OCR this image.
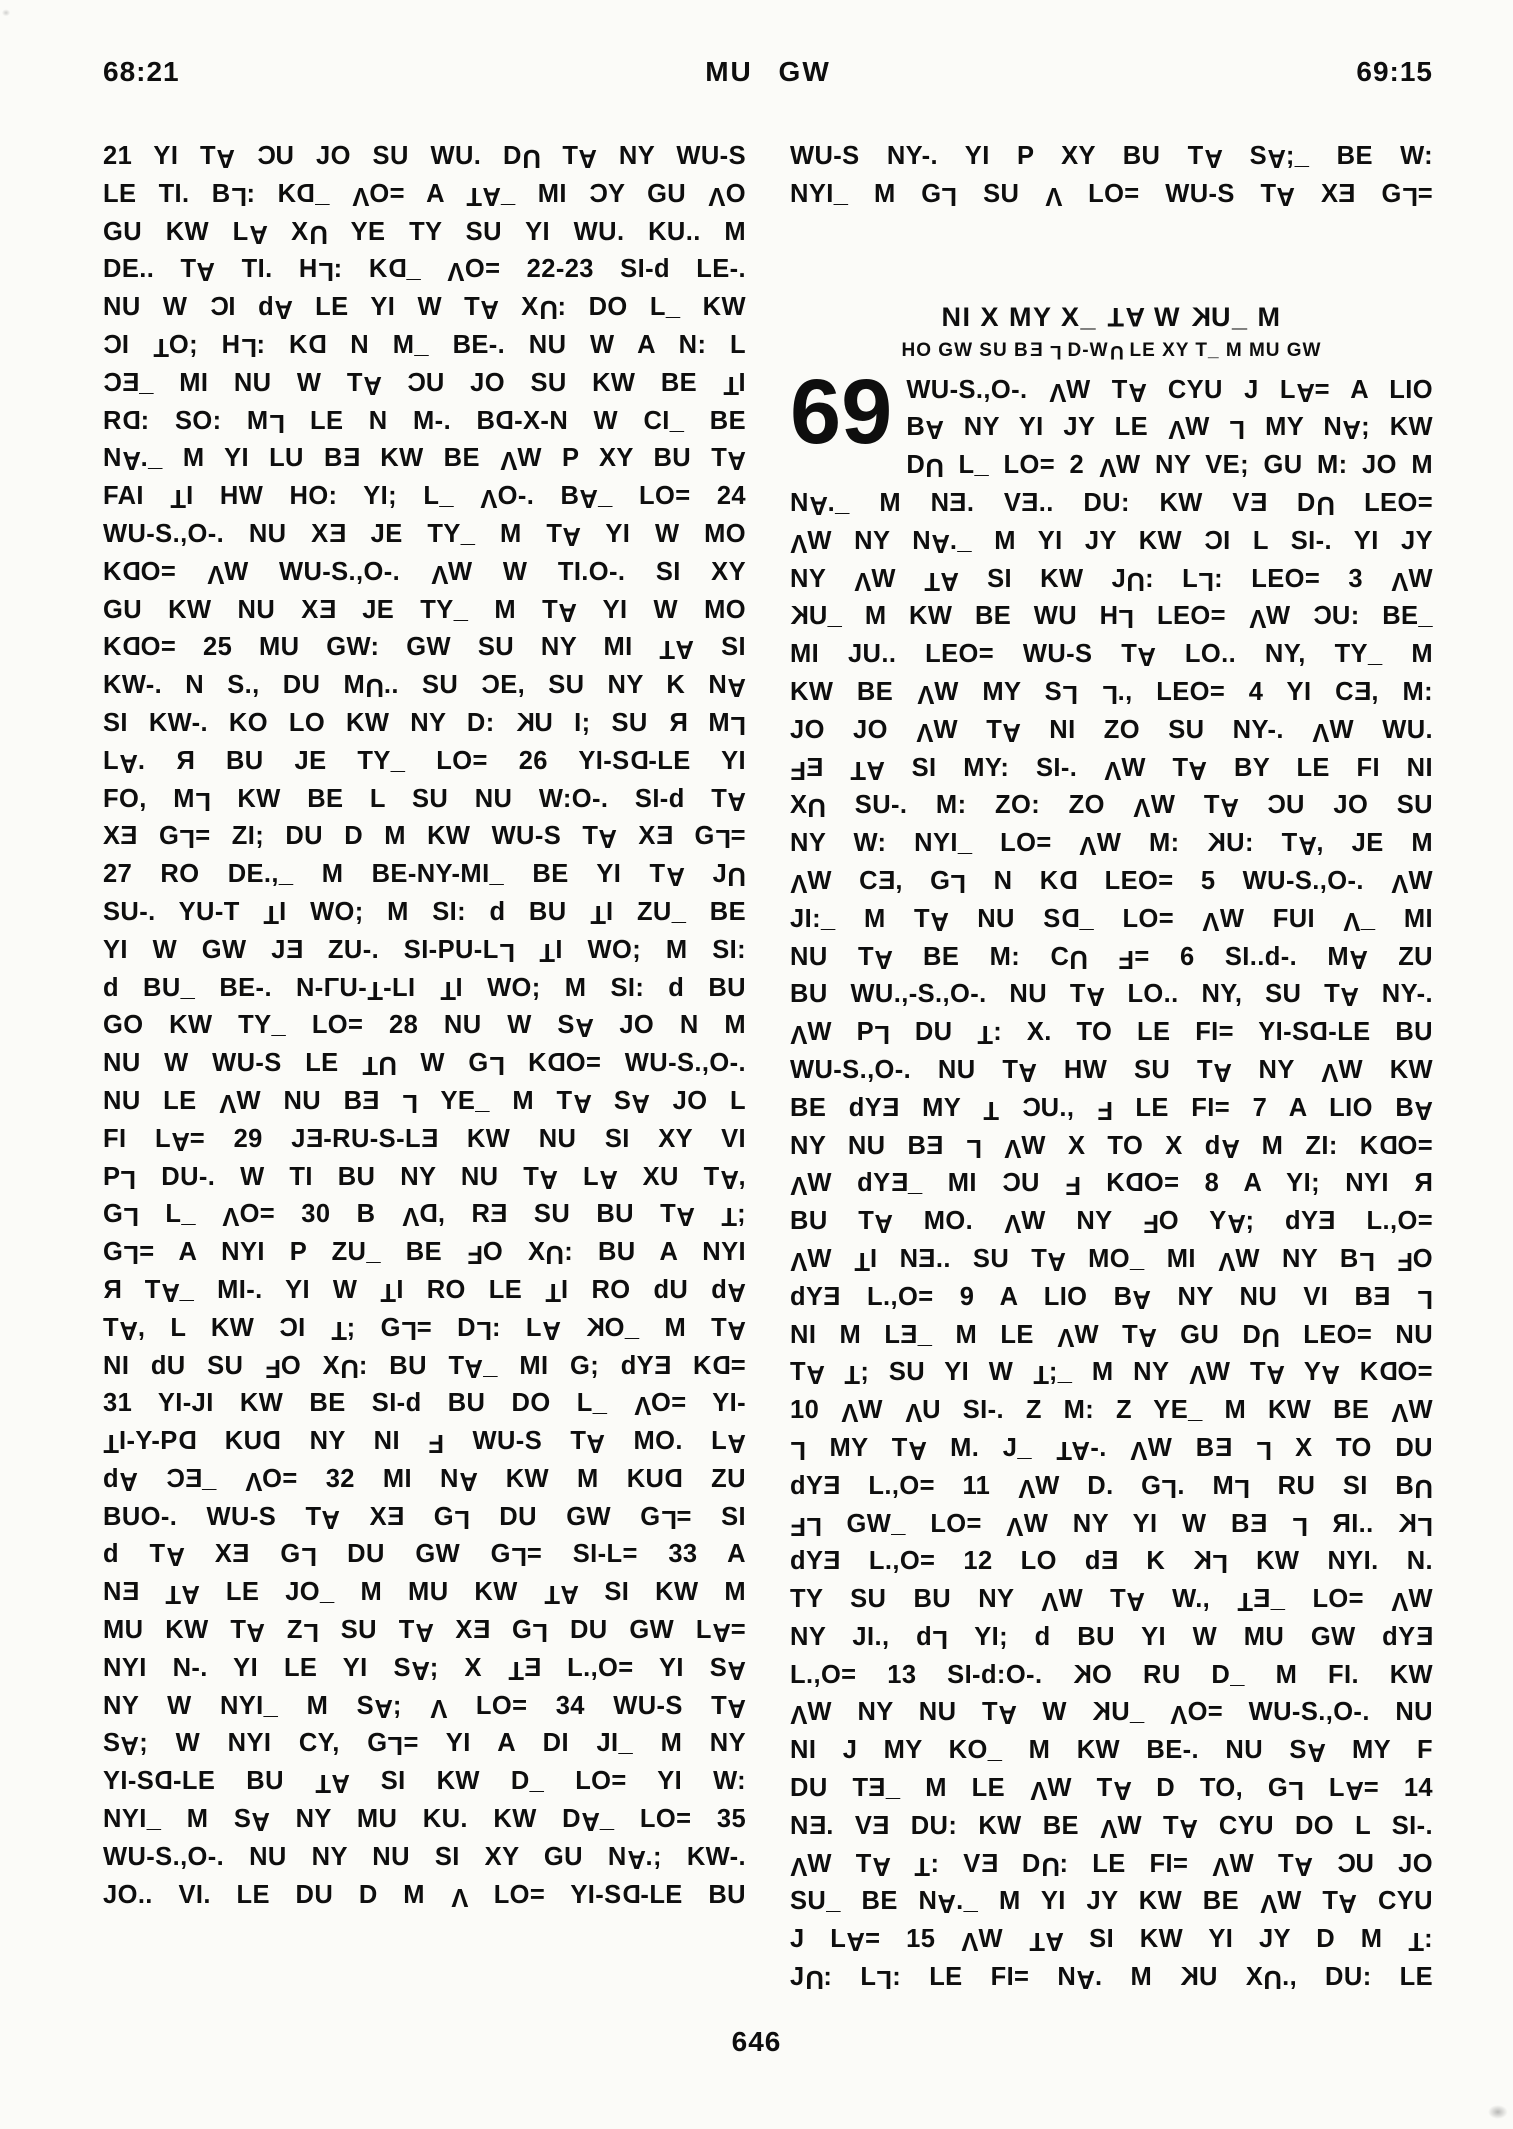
68:21	MU GW	69:15
21 YI TA CU JO SU WU. DU TA NY WU-S
LE TI. BL: KD_ VO= A TA_ MI CY GU VO
GU KW LA XU YE TY SU YI WU. KU.. M
DE.. TA TI. HL: KD_ VO= 22-23 SI-d LE-.
NU W CI dA LE YI W TA XU: DO L_ KW
CI TO; HL: KD N M_ BE-. NU W A N: L
CE_ MI NU W TA CU JO SU KW BE TI
RD: SO: ML LE N M-. BD-X-N W CI_ BE
NA._ M YI LU BE KW BE VW P XY BU TA
FAI TI HW HO: YI; L_ VO-. BA_ LO= 24
WU-S.,O-. NU XE JE TY_ M TA YI W MO
KDO= VW WU-S.,O-. VW W TI.O-. SI XY
GU KW NU XE JE TY_ M TA YI W MO
KDO= 25 MU GW: GW SU NY MI TA SI
KW-. N S., DU MU.. SU CE, SU NY K NA
SI KW-. KO LO KW NY D: KU I; SU R ML
LA. R BU JE TY_ LO= 26 YI-SD-LE YI
FO, ML KW BE L SU NU W:O-. SI-d TA
XE GL= ZI; DU D M KW WU-S TA XE GL=
27 RO DE.,_ M BE-NY-MI_ BE YI TA JU
SU-. YU-T TI WO; M SI: d BU TI ZU_ BE
YI W GW JE ZU-. SI-PU-LL TI WO; M SI:
d BU_ BE-. N-ΓU-T-LI TI WO; M SI: d BU
GO KW TY_ LO= 28 NU W SA JO N M
NU W WU-S LE TU W GL KDO= WU-S.,O-.
NU LE VW NU BE L YE_ M TA SA JO L
FI LA= 29 JE-RU-S-LE KW NU SI XY VI
PL DU-. W TI BU NY NU TA LA XU TA,
GL L_ VO= 30 B VD, RE SU BU TA T;
GL= A NYI P ZU_ BE FO XU: BU A NYI
R TA_ MI-. YI W TI RO LE TI RO dU dA
TA, L KW CI T; GL= DL: LA KO_ M TA
NI dU SU FO XU: BU TA_ MI G; dYE KD=
31 YI-JI KW BE SI-d BU DO L_ VO= YI-
TI-Y-PD KUD NY NI F WU-S TA MO. LA
dA CE_ VO= 32 MI NA KW M KUD ZU
BUO-. WU-S TA XE GL DU GW GL= SI
d TA XE GL DU GW GL= SI-L= 33 A
NE TA LE JO_ M MU KW TA SI KW M
MU KW TA ZL SU TA XE GL DU GW LA=
NYI N-. YI LE YI SA; X TE L.,O= YI SA
NY W NYI_ M SA; V LO= 34 WU-S TA
SA; W NYI CY, GL= YI A DI JI_ M NY
YI-SD-LE BU TA SI KW D_ LO= YI W:
NYI_ M SA NY MU KU. KW DA_ LO= 35
WU-S.,O-. NU NY NU SI XY GU NA.; KW-.
JO.. VI. LE DU D M V LO= YI-SD-LE BU
WU-S NY-. YI P XY BU TA SA;_ BE W:
NYI_ M GL SU V LO= WU-S TA XE GL=
NI X MY X_ TA W KU_ M
HO GW SU BE L D-WU LE XY T_ M MU GW
69 WU-S.,O-. VW TA CYU J LA= A LIO
BA NY YI JY LE VW L MY NA; KW
DU L_ LO= 2 VW NY VE; GU M: JO M
NA._ M NE. VE.. DU: KW VE DU LEO=
VW NY NA._ M YI JY KW CI L SI-. YI JY
NY VW TA SI KW JU: LL: LEO= 3 VW
KU_ M KW BE WU HL LEO= VW CU: BE_
MI JU.. LEO= WU-S TA LO.. NY, TY_ M
KW BE VW MY SL L., LEO= 4 YI CE, M:
JO JO VW TA NI ZO SU NY-. VW WU.
FE TA SI MY: SI-. VW TA BY LE FI NI
XU SU-. M: ZO: ZO VW TA CU JO SU
NY W: NYI_ LO= VW M: KU: TA, JE M
VW CE, GL N KD LEO= 5 WU-S.,O-. VW
JI:_ M TA NU SD_ LO= VW FUI V_ MI
NU TA BE M: CU F= 6 SI..d-. MA ZU
BU WU.,-S.,O-. NU TA LO.. NY, SU TA NY-.
VW PL DU T: X. TO LE FI= YI-SD-LE BU
WU-S.,O-. NU TA HW SU TA NY VW KW
BE dYE MY T CU., F LE FI= 7 A LIO BA
NY NU BE L VW X TO X dA M ZI: KDO=
VW dYE_ MI CU F KDO= 8 A YI; NYI R
BU TA MO. VW NY FO YA; dYE L.,O=
VW TI NE.. SU TA MO_ MI VW NY BL FO
dYE L.,O= 9 A LIO BA NY NU VI BE L
NI M LE_ M LE VW TA GU DU LEO= NU
TA T; SU YI W T;_ M NY VW TA YA KDO=
10 VW VU SI-. Z M: Z YE_ M KW BE VW
L MY TA M. J_ TA-. VW BE L X TO DU
dYE L.,O= 11 VW D. GL. ML RU SI BU
FL GW_ LO= VW NY YI W BE L RI.. KL
dYE L.,O= 12 LO dE K KL KW NYI. N.
TY SU BU NY VW TA W., TE_ LO= VW
NY JI., dL YI; d BU YI W MU GW dYE
L.,O= 13 SI-d:O-. KO RU D_ M FI. KW
VW NY NU TA W KU_ VO= WU-S.,O-. NU
NI J MY KO_ M KW BE-. NU SA MY F
DU TE_ M LE VW TA D TO, GL LA= 14
NE. VE DU: KW BE VW TA CYU DO L SI-.
VW TA T: VE DU: LE FI= VW TA CU JO
SU_ BE NA._ M YI JY KW BE VW TA CYU
J LA= 15 VW TA SI KW YI JY D M T:
JU: LL: LE FI= NA. M KU XU., DU: LE
646
